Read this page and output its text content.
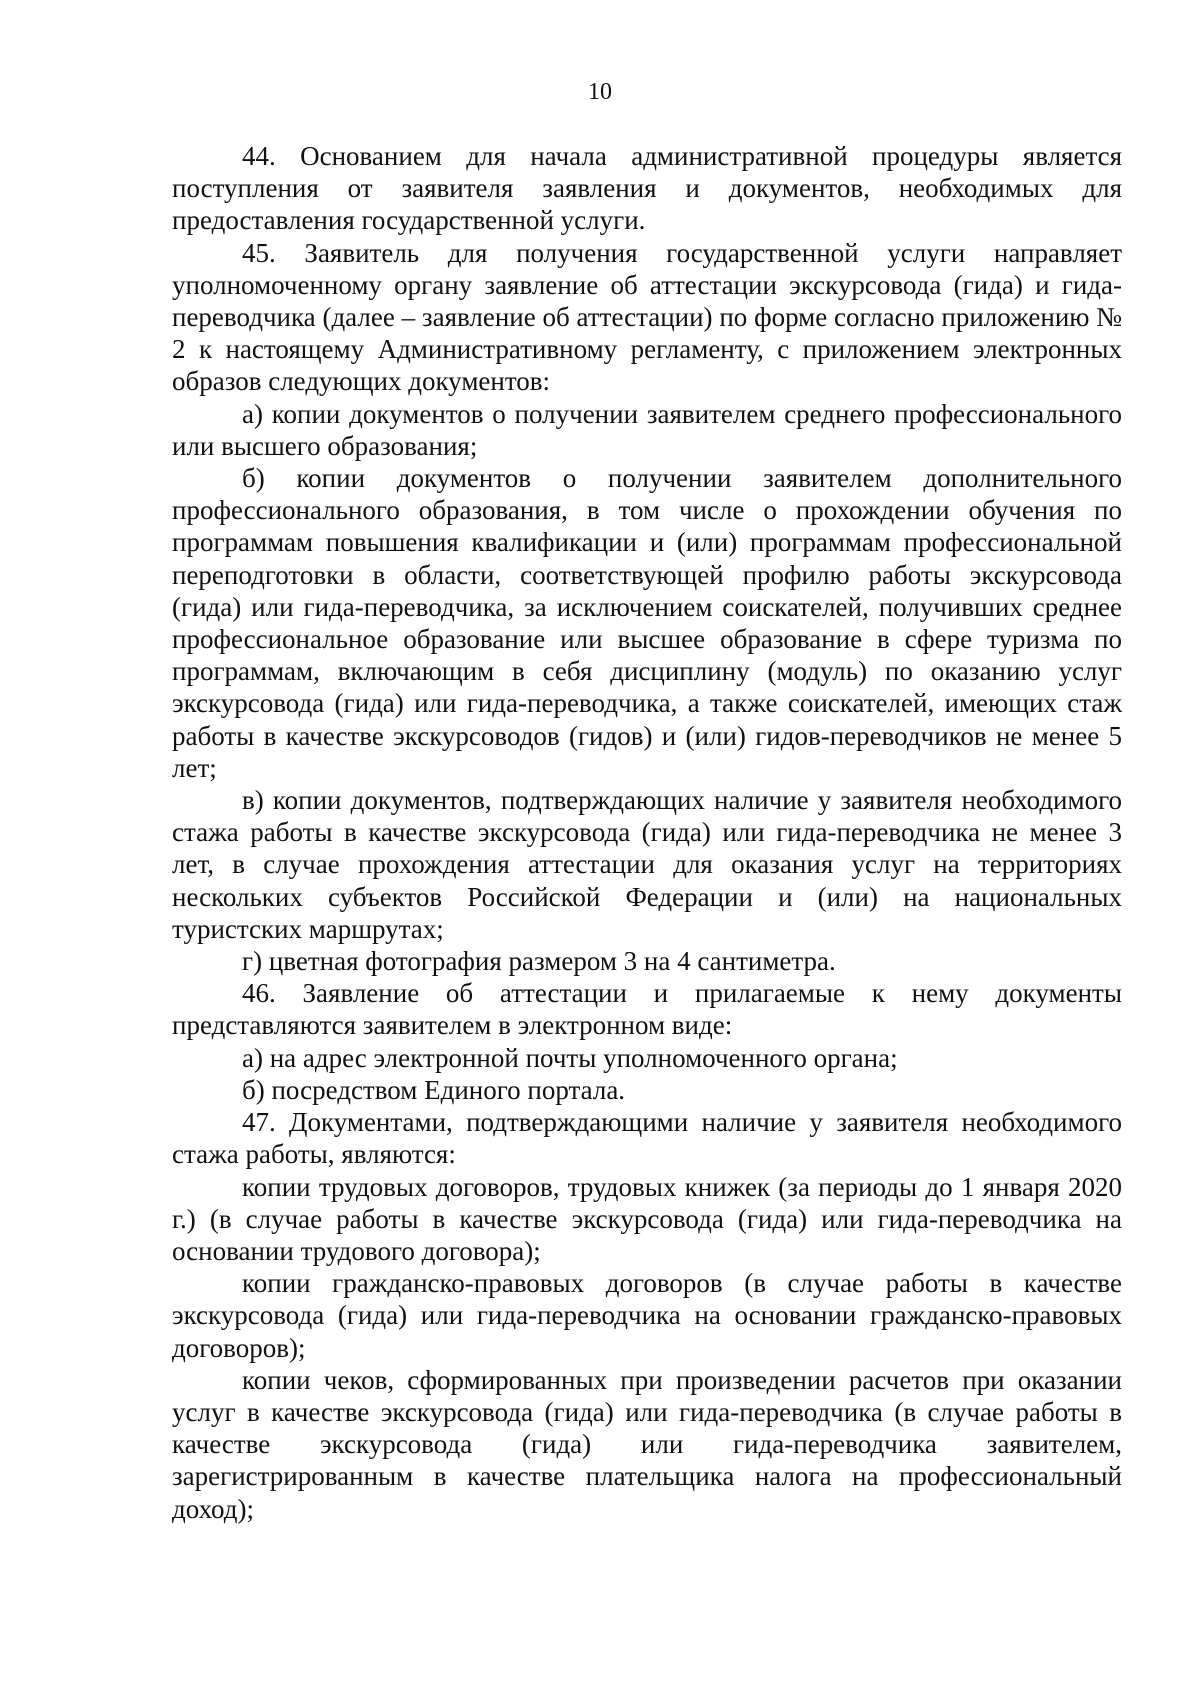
10

44. Основанием для начала административной процедуры является поступления от заявителя заявления и документов, необходимых для предоставления государственной услуги.

45. Заявитель для получения государственной услуги направляет уполномоченному органу заявление об аттестации экскурсовода (гида) и гида-переводчика (далее – заявление об аттестации) по форме согласно приложению № 2 к настоящему Административному регламенту, с приложением электронных образов следующих документов:

а) копии документов о получении заявителем среднего профессионального или высшего образования;

б) копии документов о получении заявителем дополнительного профессионального образования, в том числе о прохождении обучения по программам повышения квалификации и (или) программам профессиональной переподготовки в области, соответствующей профилю работы экскурсовода (гида) или гида-переводчика, за исключением соискателей, получивших среднее профессиональное образование или высшее образование в сфере туризма по программам, включающим в себя дисциплину (модуль) по оказанию услуг экскурсовода (гида) или гида-переводчика, а также соискателей, имеющих стаж работы в качестве экскурсоводов (гидов) и (или) гидов-переводчиков не менее 5 лет;

в) копии документов, подтверждающих наличие у заявителя необходимого стажа работы в качестве экскурсовода (гида) или гида-переводчика не менее 3 лет, в случае прохождения аттестации для оказания услуг на территориях нескольких субъектов Российской Федерации и (или) на национальных туристских маршрутах;

г) цветная фотография размером 3 на 4 сантиметра.

46. Заявление об аттестации и прилагаемые к нему документы представляются заявителем в электронном виде:

а) на адрес электронной почты уполномоченного органа;

б) посредством Единого портала.

47. Документами, подтверждающими наличие у заявителя необходимого стажа работы, являются:

копии трудовых договоров, трудовых книжек (за периоды до 1 января 2020 г.) (в случае работы в качестве экскурсовода (гида) или гида-переводчика на основании трудового договора);

копии гражданско-правовых договоров (в случае работы в качестве экскурсовода (гида) или гида-переводчика на основании гражданско-правовых договоров);

копии чеков, сформированных при произведении расчетов при оказании услуг в качестве экскурсовода (гида) или гида-переводчика (в случае работы в качестве экскурсовода (гида) или гида-переводчика заявителем, зарегистрированным в качестве плательщика налога на профессиональный доход);
